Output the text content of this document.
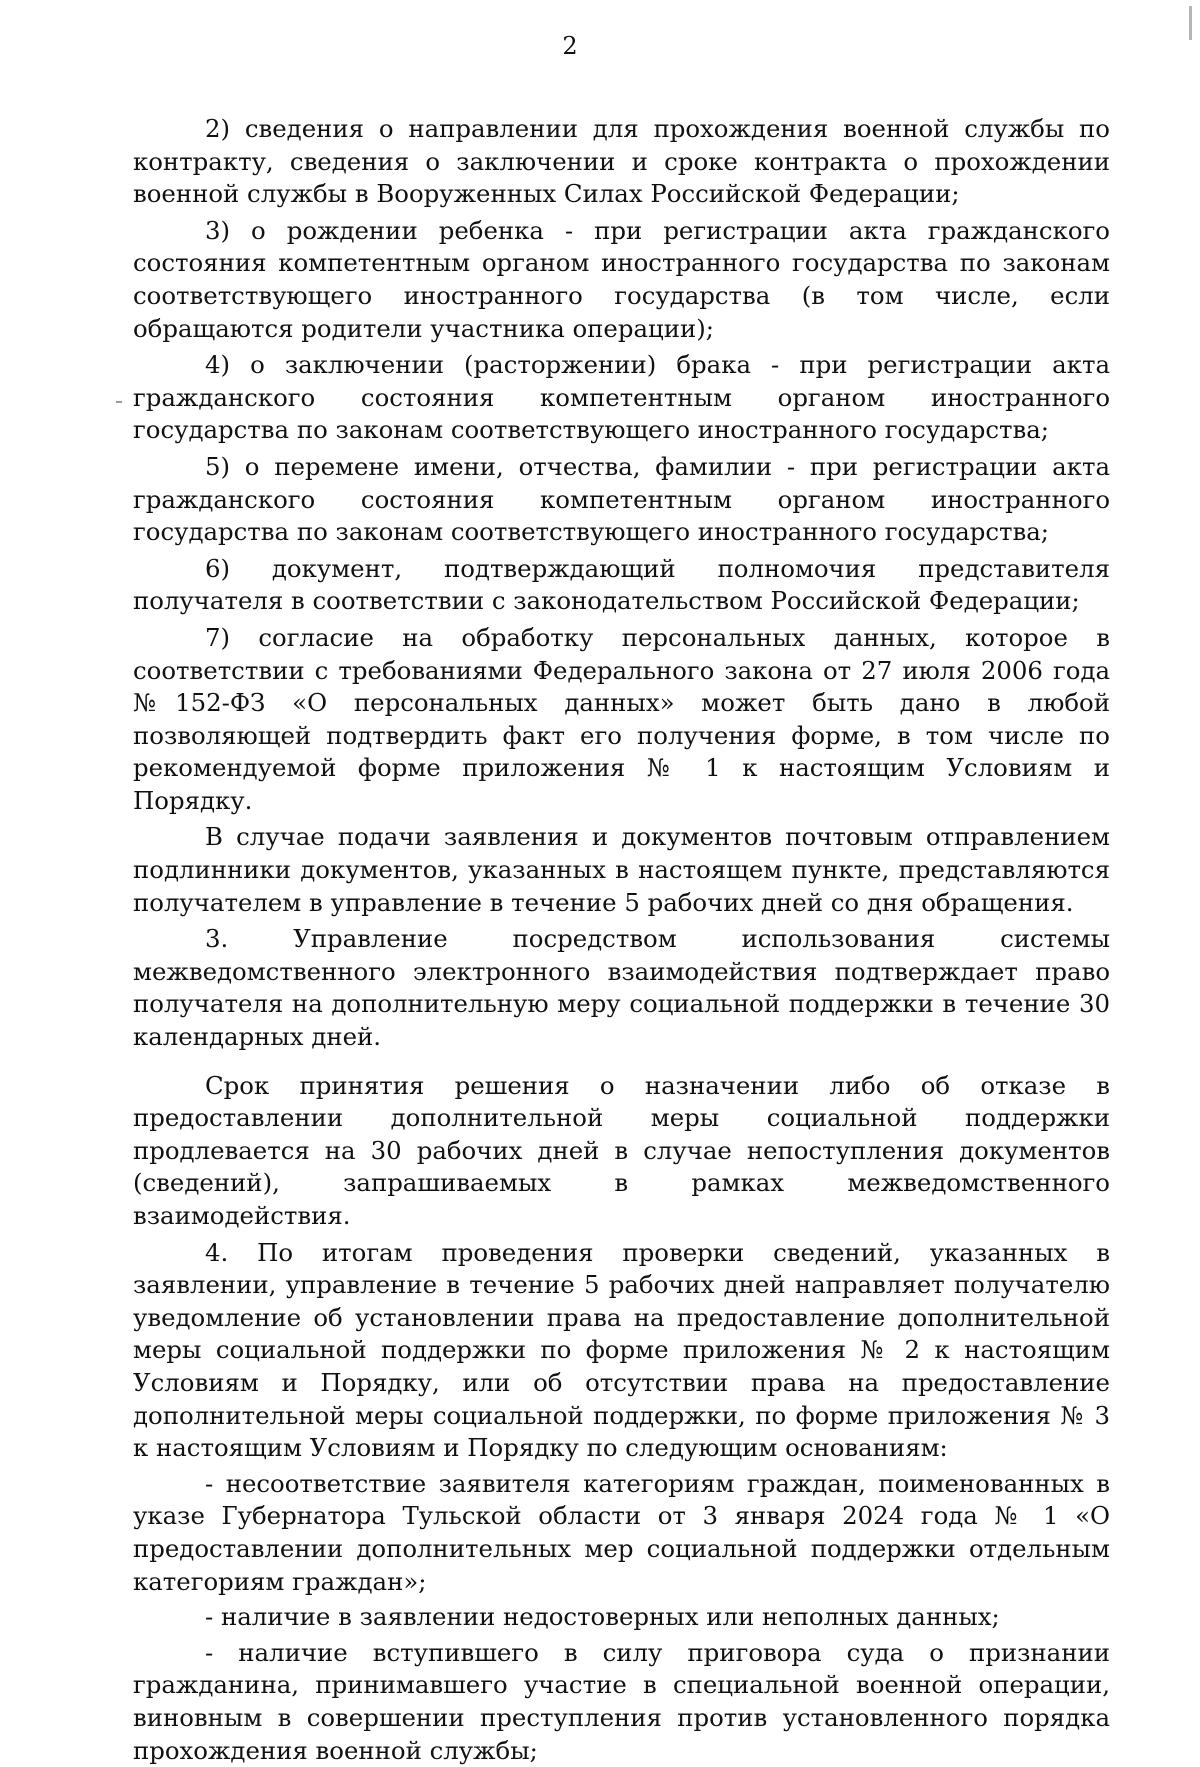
2

2) сведения о направлении для прохождения военной службы по контракту, сведения о заключении и сроке контракта о прохождении военной службы в Вооруженных Силах Российской Федерации;

3) о рождении ребенка - при регистрации акта гражданского состояния компетентным органом иностранного государства по законам соответствующего иностранного государства (в том числе, если обращаются родители участника операции);

4) о заключении (расторжении) брака - при регистрации акта гражданского состояния компетентным органом иностранного государства по законам соответствующего иностранного государства;

5) о перемене имени, отчества, фамилии - при регистрации акта гражданского состояния компетентным органом иностранного государства по законам соответствующего иностранного государства;

6) документ, подтверждающий полномочия представителя получателя в соответствии с законодательством Российской Федерации;

7) согласие на обработку персональных данных, которое в соответствии с требованиями Федерального закона от 27 июля 2006 года №152-ФЗ «О персональных данных» может быть дано в любой позволяющей подтвердить факт его получения форме, в том числе по рекомендуемой форме приложения № 1 к настоящим Условиям и Порядку.

В случае подачи заявления и документов почтовым отправлением подлинники документов, указанных в настоящем пункте, представляются получателем в управление в течение 5 рабочих дней со дня обращения.

3. Управление посредством использования системы межведомственного электронного взаимодействия подтверждает право получателя на дополнительную меру социальной поддержки в течение 30 календарных дней.

Срок принятия решения о назначении либо об отказе в предоставлении дополнительной меры социальной поддержки продлевается на 30 рабочих дней в случае непоступления документов (сведений), запрашиваемых в рамках межведомственного взаимодействия.

4. По итогам проведения проверки сведений, указанных в заявлении, управление в течение 5 рабочих дней направляет получателю уведомление об установлении права на предоставление дополнительной меры социальной поддержки по форме приложения № 2 к настоящим Условиям и Порядку, или об отсутствии права на предоставление дополнительной меры социальной поддержки, по форме приложения № 3 к настоящим Условиям и Порядку по следующим основаниям:

- несоответствие заявителя категориям граждан, поименованных в указе Губернатора Тульской области от 3 января 2024 года № 1 «О предоставлении дополнительных мер социальной поддержки отдельным категориям граждан»;

- наличие в заявлении недостоверных или неполных данных;

- наличие вступившего в силу приговора суда о признании гражданина, принимавшего участие в специальной военной операции, виновным в совершении преступления против установленного порядка прохождения военной службы;
